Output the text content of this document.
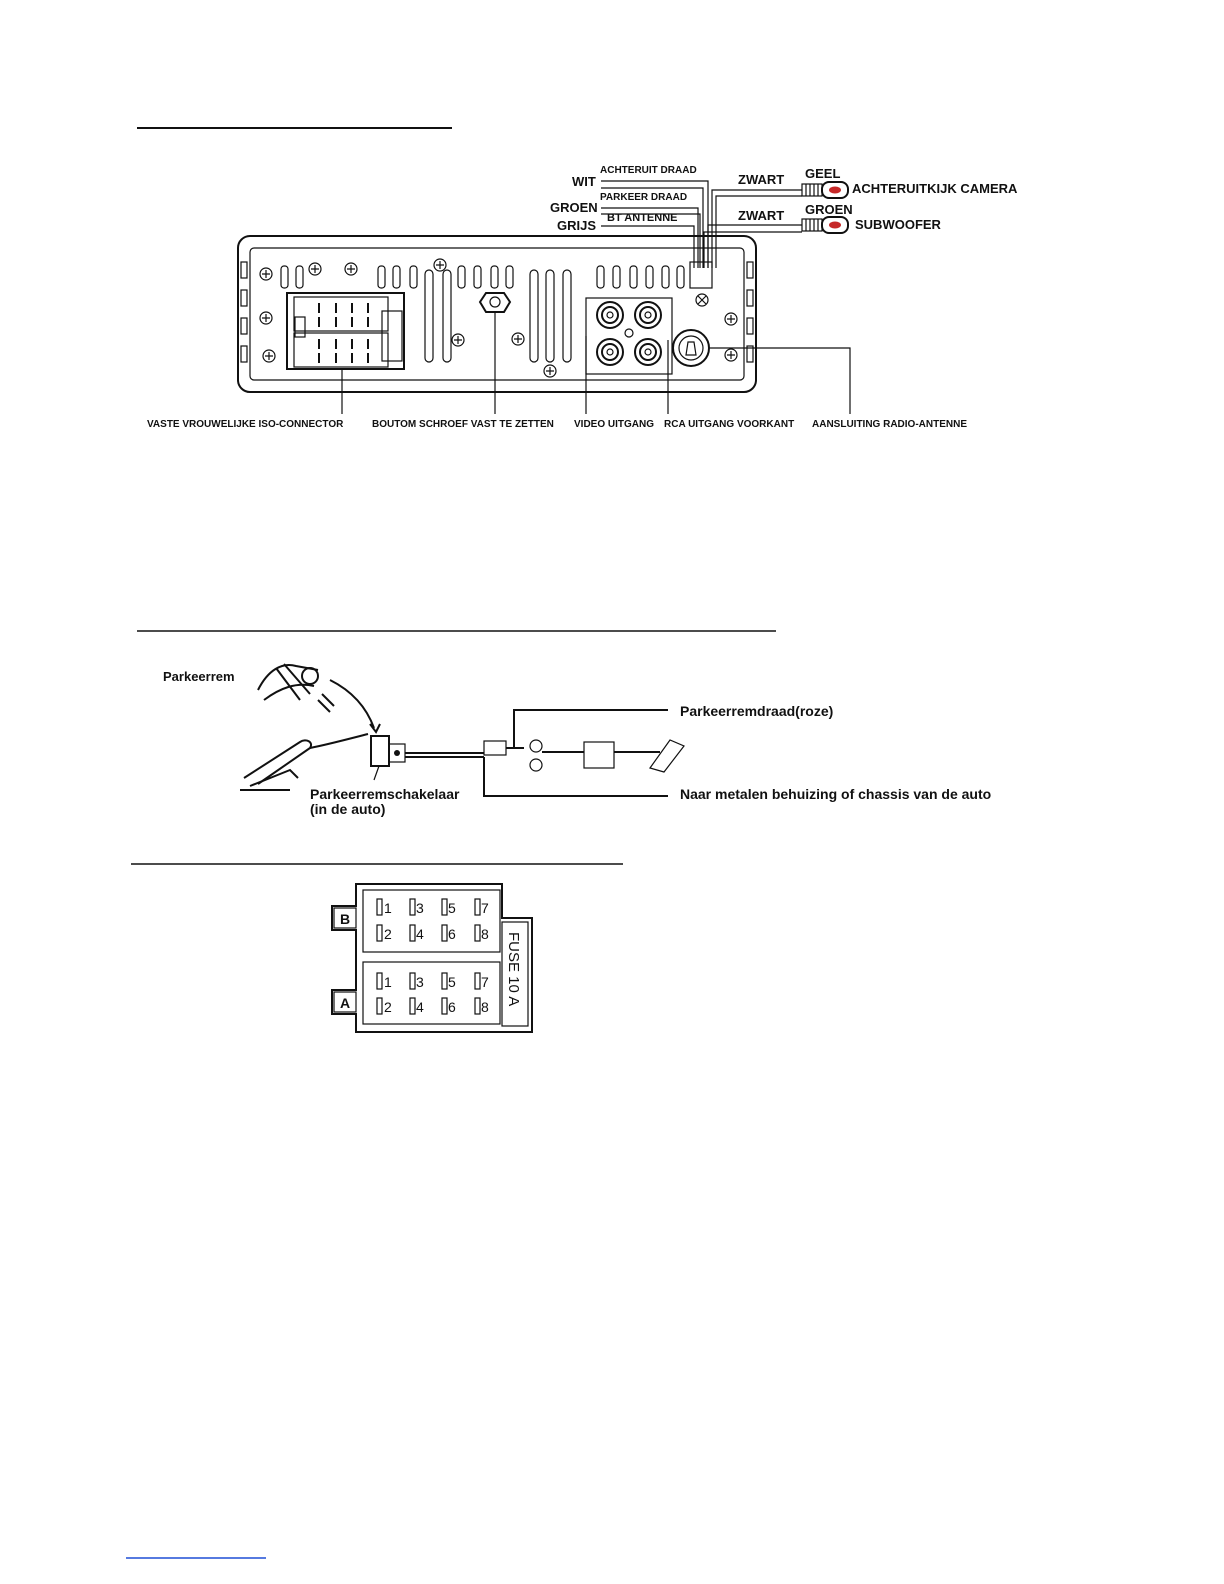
ACHTERUIT DRAAD
WIT
PARKEER DRAAD
GROEN
BT ANTENNE
GRIJS
ZWART GEEL
ACHTERUITKIJK CAMERA
ZWART GROEN
SUBWOOFER
VASTE VROUWELIJKE ISO-CONNECTOR	BOUTOM SCHROEF VAST TE ZETTEN VIDEO UITGANG RCA UITGANG VOORKANT AANSLUITING RADIO-ANTENNE
Parkeerrem
Parkeerremdraad(roze)
Naar metalen behuizing of chassis van de auto
Parkeerremschakelaar
(in de auto)
B
A	FUSE 10 A
1 3 5 7
2 4 6 8
1 3 5 7
2 4 6 8
